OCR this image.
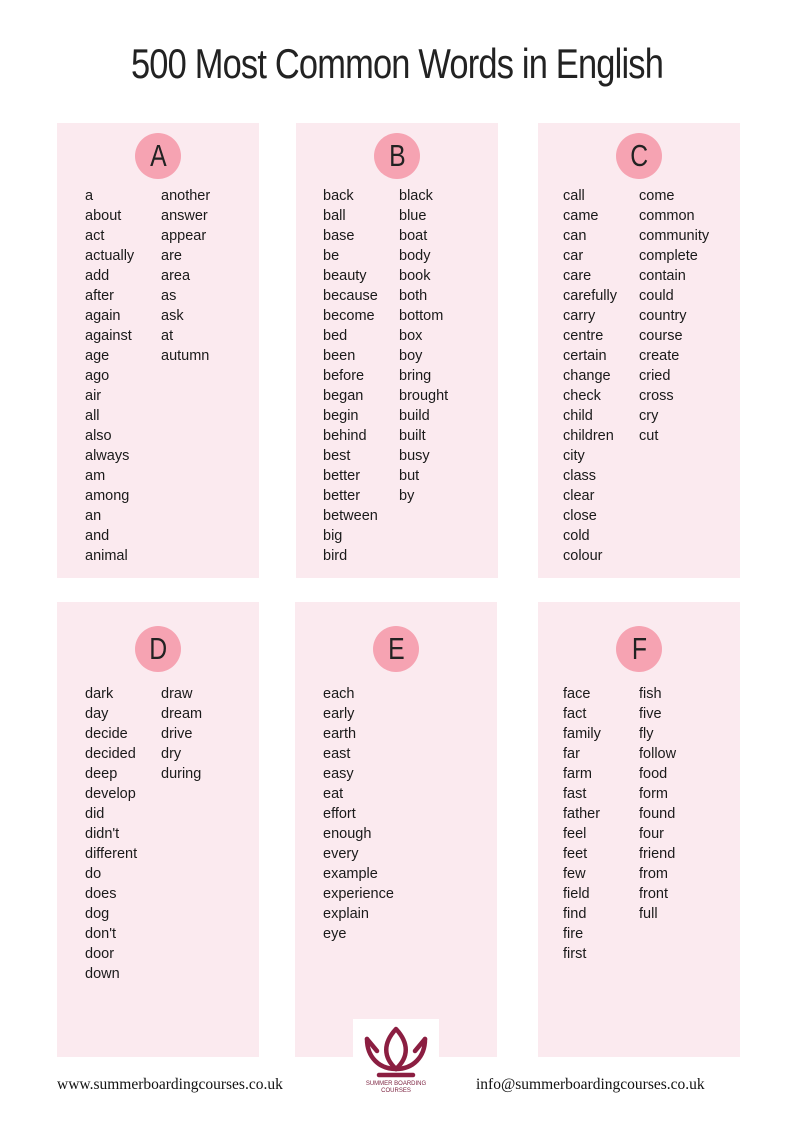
500 Most Common Words in English
A
a
about
act
actually
add
after
again
against
age
ago
air
all
also
always
am
among
an
and
animal
another
answer
appear
are
area
as
ask
at
autumn
B
back
ball
base
be
beauty
because
become
bed
been
before
began
begin
behind
best
better
better
between
big
bird
black
blue
boat
body
book
both
bottom
box
boy
bring
brought
build
built
busy
but
by
C
call
came
can
car
care
carefully
carry
centre
certain
change
check
child
children
city
class
clear
close
cold
colour
come
common
community
complete
contain
could
country
course
create
cried
cross
cry
cut
D
dark
day
decide
decided
deep
develop
did
didn't
different
do
does
dog
don't
door
down
draw
dream
drive
dry
during
E
each
early
earth
east
easy
eat
effort
enough
every
example
experience
explain
eye
F
face
fact
family
far
farm
fast
father
feel
feet
few
field
find
fire
first
fish
five
fly
follow
food
form
found
four
friend
from
front
full
www.summerboardingcourses.co.uk	SUMMER BOARDING COURSES	info@summerboardingcourses.co.uk
